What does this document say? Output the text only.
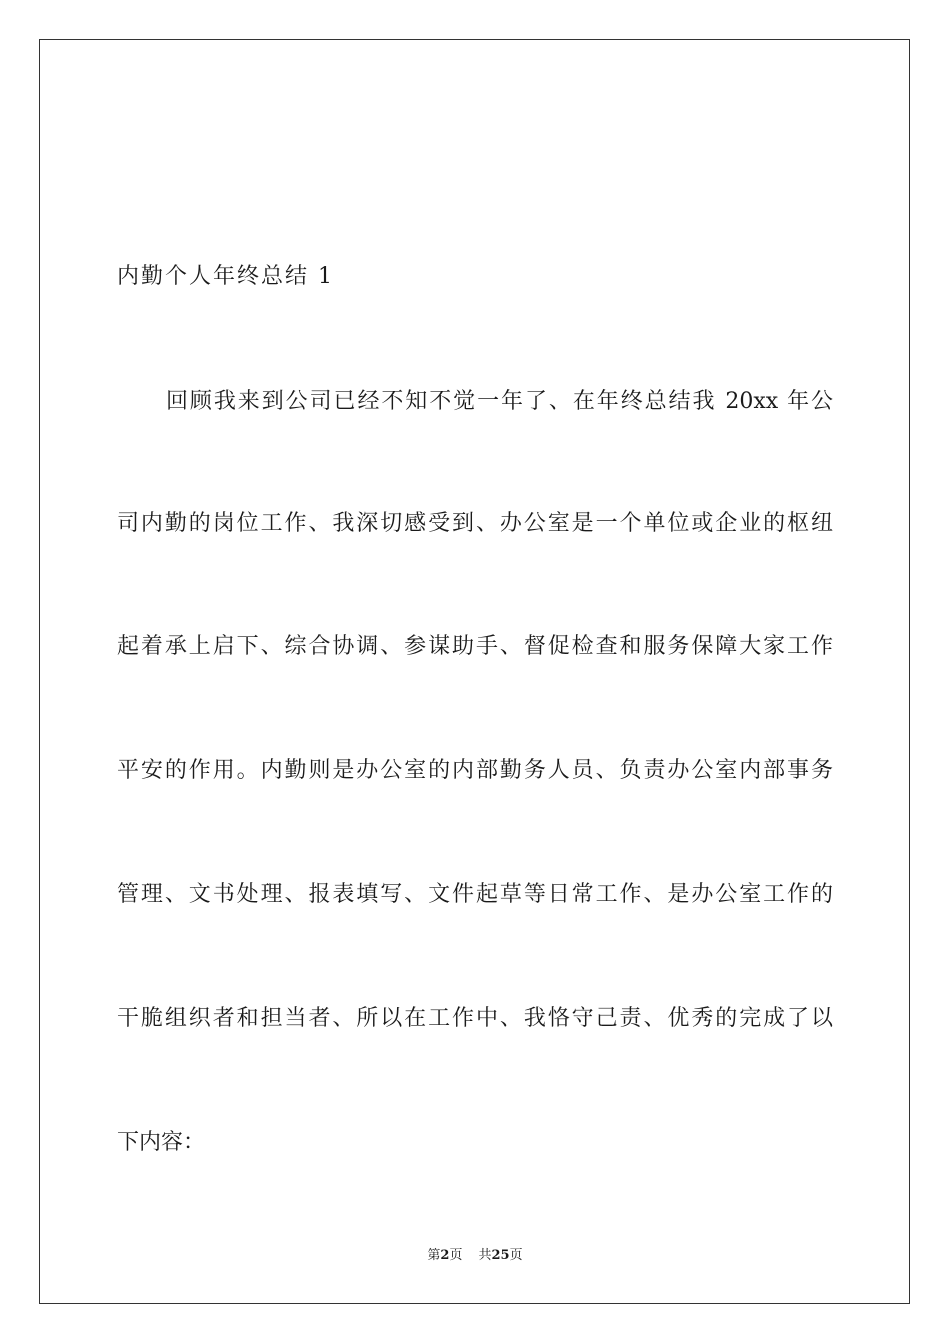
内勤个人年终总结 1
回顾我来到公司已经不知不觉一年了、在年终总结我 20xx 年公
司内勤的岗位工作、我深切感受到、办公室是一个单位或企业的枢纽
起着承上启下、综合协调、参谋助手、督促检查和服务保障大家工作
平安的作用。内勤则是办公室的内部勤务人员、负责办公室内部事务
管理、文书处理、报表填写、文件起草等日常工作、是办公室工作的
干脆组织者和担当者、所以在工作中、我恪守己责、优秀的完成了以
下内容：
第2页 共25页
